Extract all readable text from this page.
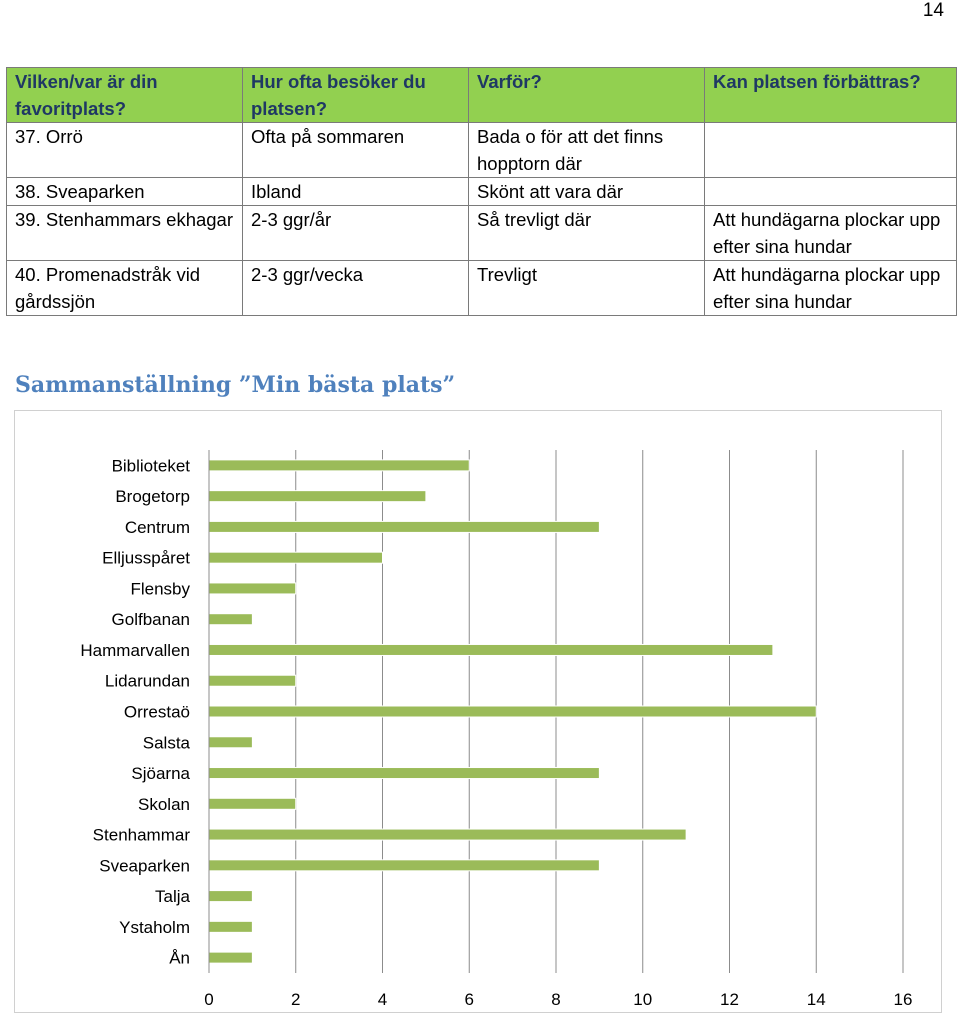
14
Vilken/var är din favoritplats?	Hur ofta besöker du platsen?	Varför?	Kan platsen förbättras?
37. Orrö	Ofta på sommaren	Bada o för att det finns hopptorn där	
38. Sveaparken	Ibland	Skönt att vara där	
39. Stenhammars ekhagar	2-3 ggr/år	Så trevligt där	Att hundägarna plockar upp efter sina hundar
40. Promenadstråk vid gårdssjön	2-3 ggr/vecka	Trevligt	Att hundägarna plockar upp efter sina hundar
Sammanställning ”Min bästa plats”
0	2	4	6	8	10	12	14	16
Biblioteket
Brogetorp
Centrum
Elljusspåret
Flensby
Golfbanan
Hammarvallen
Lidarundan
Orrestaö
Salsta
Sjöarna
Skolan
Stenhammar
Sveaparken
Talja
Ystaholm
Ån
